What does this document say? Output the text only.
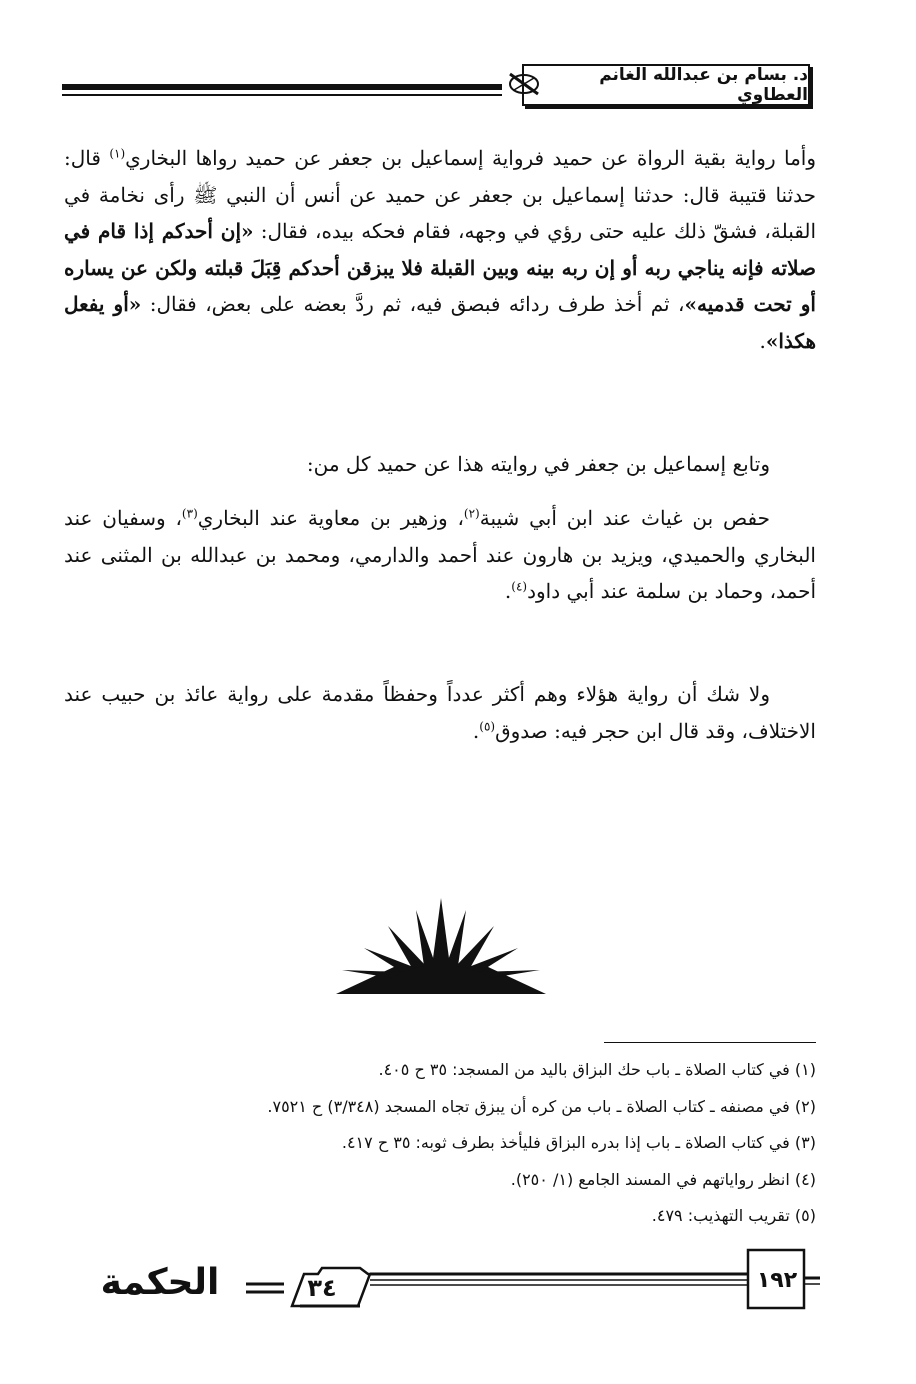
د. بسام بن عبدالله الغانم العطاوي
وأما رواية بقية الرواة عن حميد فرواية إسماعيل بن جعفر عن حميد رواها البخاري$^{(١)}$ قال: حدثنا قتيبة قال: حدثنا إسماعيل بن جعفر عن حميد عن أنس أن النبي ﷺ رأى نخامة في القبلة، فشقّ ذلك عليه حتى رؤي في وجهه، فقام فحكه بيده، فقال: «إن أحدكم إذا قام في صلاته فإنه يناجي ربه أو إن ربه بينه وبين القبلة فلا يبزقن أحدكم قِبَلَ قبلته ولكن عن يساره أو تحت قدميه»، ثم أخذ طرف ردائه فبصق فيه، ثم ردَّ بعضه على بعض، فقال: «أو يفعل هكذا».
وتابع إسماعيل بن جعفر في روايته هذا عن حميد كل من:
حفص بن غياث عند ابن أبي شيبة$^{(٢)}$، وزهير بن معاوية عند البخاري$^{(٣)}$، وسفيان عند البخاري والحميدي، ويزيد بن هارون عند أحمد والدارمي، ومحمد بن عبدالله بن المثنى عند أحمد، وحماد بن سلمة عند أبي داود$^{(٤)}$.
ولا شك أن رواية هؤلاء وهم أكثر عدداً وحفظاً مقدمة على رواية عائذ بن حبيب عند الاختلاف، وقد قال ابن حجر فيه: صدوق$^{(٥)}$.
(١) في كتاب الصلاة ـ باب حك البزاق باليد من المسجد: ٣٥ ح ٤٠٥.
(٢) في مصنفه ـ كتاب الصلاة ـ باب من كره أن يبزق تجاه المسجد (٣/٣٤٨) ح ٧٥٢١.
(٣) في كتاب الصلاة ـ باب إذا بدره البزاق فليأخذ بطرف ثوبه: ٣٥ ح ٤١٧.
(٤) انظر رواياتهم في المسند الجامع (١/ ٢٥٠).
(٥) تقريب التهذيب: ٤٧٩.
١٩٢
٣٤
الحكمة
